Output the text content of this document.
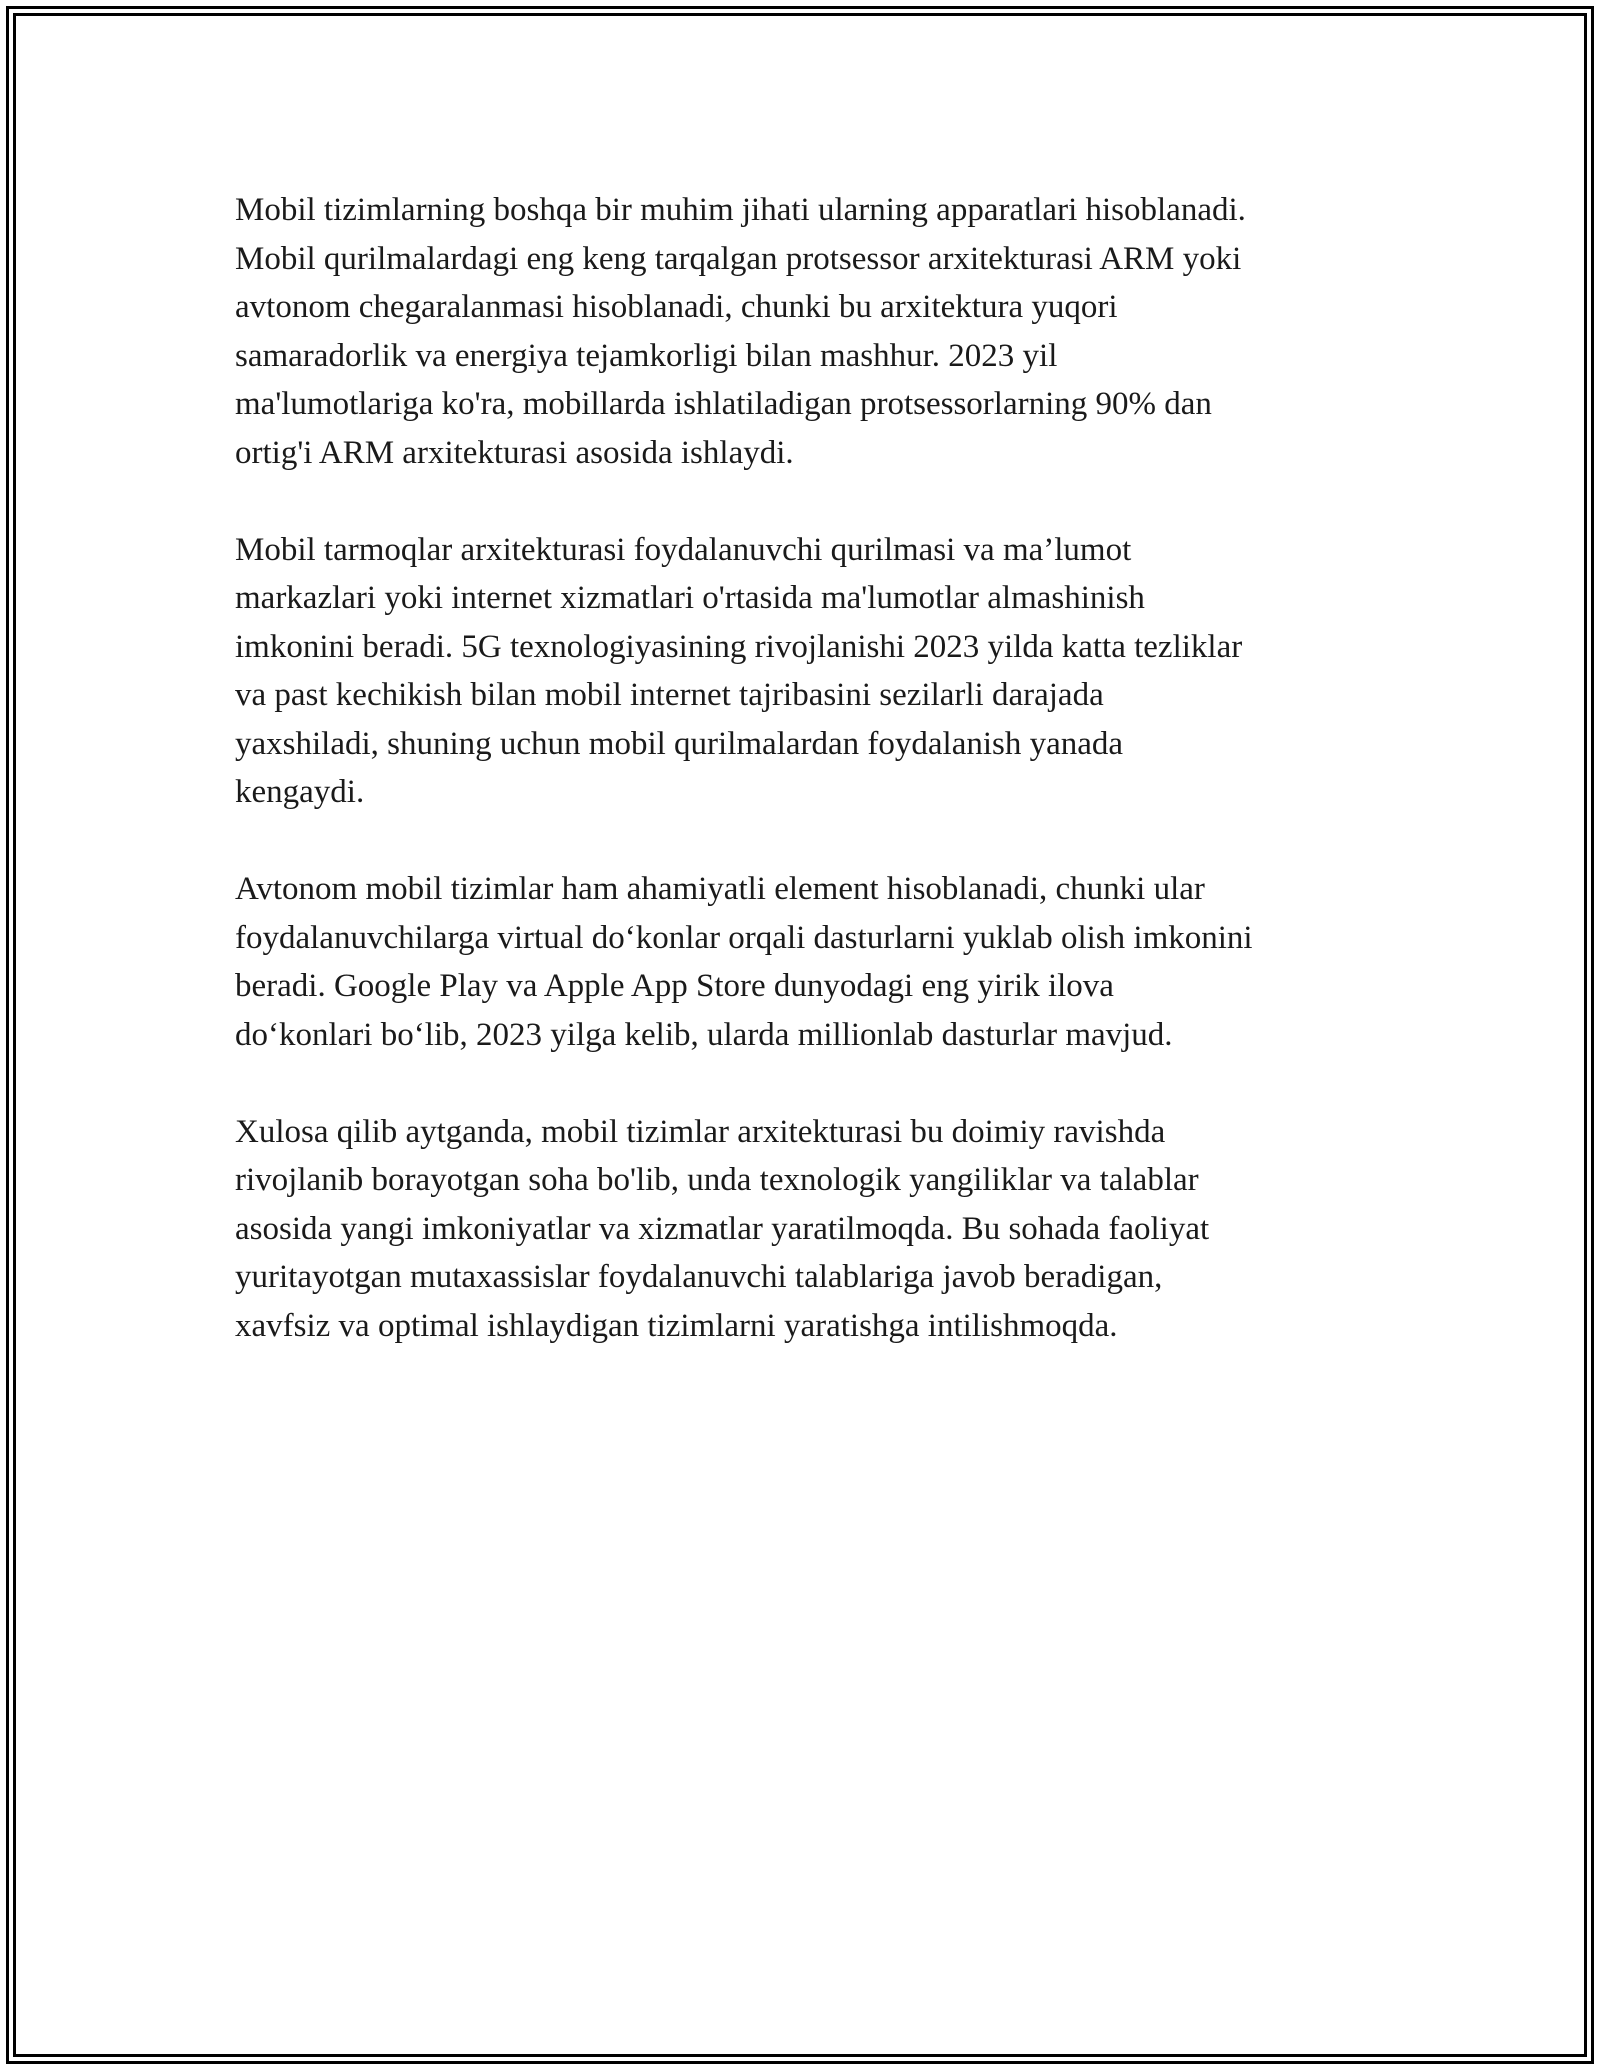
Mobil tizimlarning boshqa bir muhim jihati ularning apparatlari hisoblanadi.
Mobil qurilmalardagi eng keng tarqalgan protsessor arxitekturasi ARM yoki
avtonom chegaralanmasi hisoblanadi, chunki bu arxitektura yuqori
samaradorlik va energiya tejamkorligi bilan mashhur. 2023 yil
ma'lumotlariga ko'ra, mobillarda ishlatiladigan protsessorlarning 90% dan
ortig'i ARM arxitekturasi asosida ishlaydi.

Mobil tarmoqlar arxitekturasi foydalanuvchi qurilmasi va ma’lumot
markazlari yoki internet xizmatlari o'rtasida ma'lumotlar almashinish
imkonini beradi. 5G texnologiyasining rivojlanishi 2023 yilda katta tezliklar
va past kechikish bilan mobil internet tajribasini sezilarli darajada
yaxshiladi, shuning uchun mobil qurilmalardan foydalanish yanada
kengaydi.

Avtonom mobil tizimlar ham ahamiyatli element hisoblanadi, chunki ular
foydalanuvchilarga virtual do‘konlar orqali dasturlarni yuklab olish imkonini
beradi. Google Play va Apple App Store dunyodagi eng yirik ilova
do‘konlari bo‘lib, 2023 yilga kelib, ularda millionlab dasturlar mavjud.

Xulosa qilib aytganda, mobil tizimlar arxitekturasi bu doimiy ravishda
rivojlanib borayotgan soha bo'lib, unda texnologik yangiliklar va talablar
asosida yangi imkoniyatlar va xizmatlar yaratilmoqda. Bu sohada faoliyat
yuritayotgan mutaxassislar foydalanuvchi talablariga javob beradigan,
xavfsiz va optimal ishlaydigan tizimlarni yaratishga intilishmoqda.
